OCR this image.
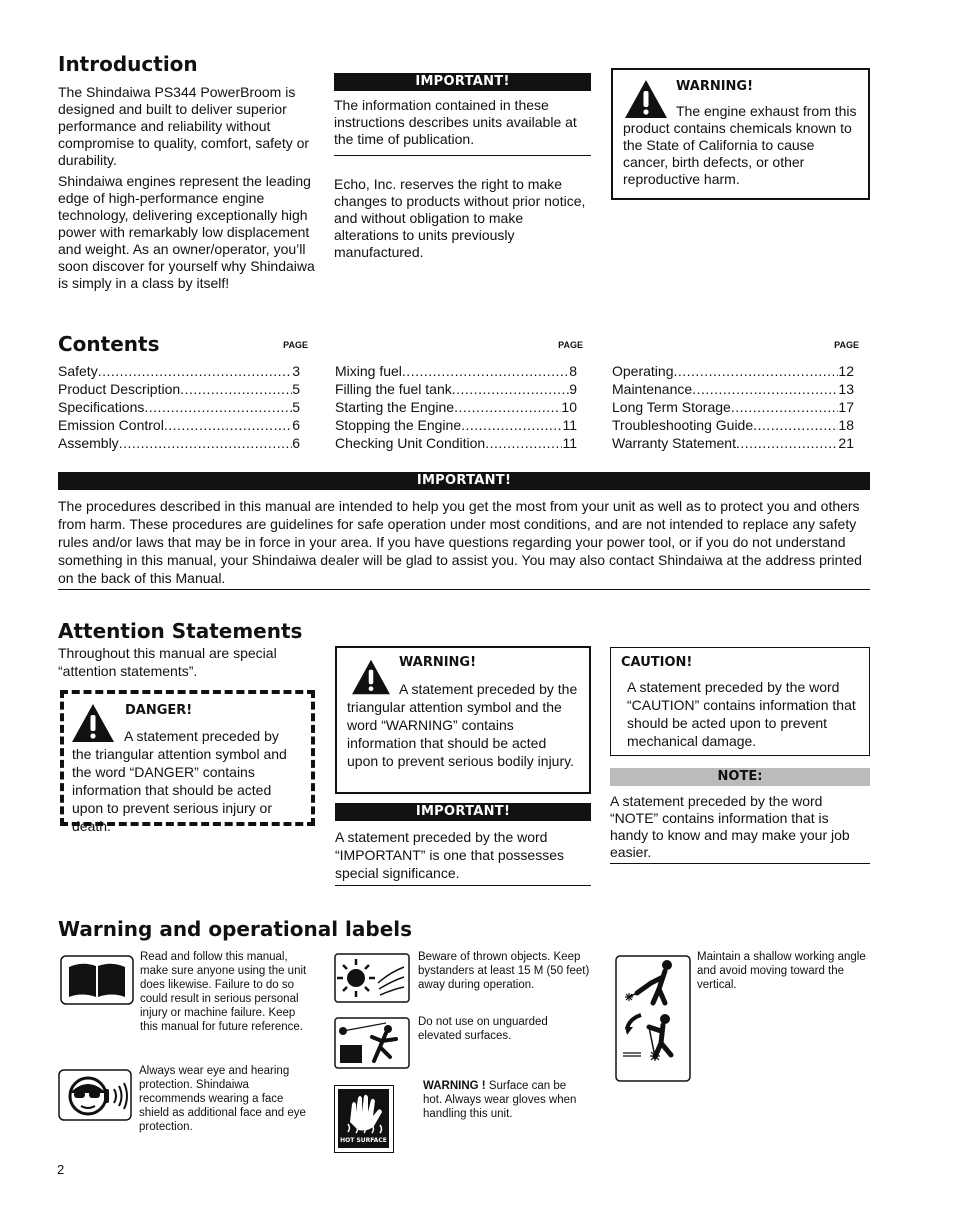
Introduction
The Shindaiwa PS344 PowerBroom is designed and built to deliver superior performance and reliability without compromise to quality, comfort, safety or durability.
Shindaiwa engines represent the leading edge of high-performance engine technology, delivering exceptionally high power with remarkably low displacement and weight. As an owner/operator, you’ll soon discover for yourself why Shindaiwa is simply in a class by itself!
IMPORTANT!
The information contained in these instructions describes units available at the time of publication.
Echo, Inc. reserves the right to make changes to products without prior notice, and without obligation to make alterations to units previously manufactured.
WARNING!
The engine exhaust from this product contains chemicals known to the State of California to cause cancer, birth defects, or other reproductive harm.
Contents	PAGE	PAGE	PAGE
Safety .....	3
Product Description .....	5
Specifications .....	5
Emission Control .....	6
Assembly .....	6
Mixing fuel .....	8
Filling the fuel tank .....	9
Starting the Engine .....	10
Stopping the Engine .....	11
Checking Unit Condition .....	11
Operating .....	12
Maintenance .....	13
Long Term Storage .....	17
Troubleshooting Guide .....	18
Warranty Statement .....	21
IMPORTANT!
The procedures described in this manual are intended to help you get the most from your unit as well as to protect you and others from harm. These procedures are guidelines for safe operation under most conditions, and are not intended to replace any safety rules and/or laws that may be in force in your area. If you have questions regarding your power tool, or if you do not understand something in this manual, your Shindaiwa dealer will be glad to assist you. You may also contact Shindaiwa at the address printed on the back of this Manual.
Attention Statements
Throughout this manual are special “attention statements”.
DANGER!
A statement preceded by the triangular attention symbol and the word “DANGER” contains information that should be acted upon to prevent serious injury or death.
WARNING!
A statement preceded by the triangular attention symbol and the word “WARNING” contains information that should be acted upon to prevent serious bodily injury.
IMPORTANT!
A statement preceded by the word “IMPORTANT” is one that possesses special significance.
CAUTION!
A statement preceded by the word “CAUTION” contains information that should be acted upon to prevent mechanical damage.
NOTE:
A statement preceded by the word “NOTE” contains information that is handy to know and may make your job easier.
Warning and operational labels
Read and follow this manual, make sure anyone using the unit does likewise. Failure to do so could result in serious personal injury or machine failure. Keep this manual for future reference.
Always wear eye and hearing protection. Shindaiwa recommends wearing a face shield as additional face and eye protection.
Beware of thrown objects. Keep bystanders at least 15 M (50 feet) away during operation.
Do not use on unguarded elevated surfaces.
HOT SURFACE
WARNING ! Surface can be hot. Always wear gloves when handling this unit.
Maintain a shallow working angle and avoid moving toward the vertical.
2
